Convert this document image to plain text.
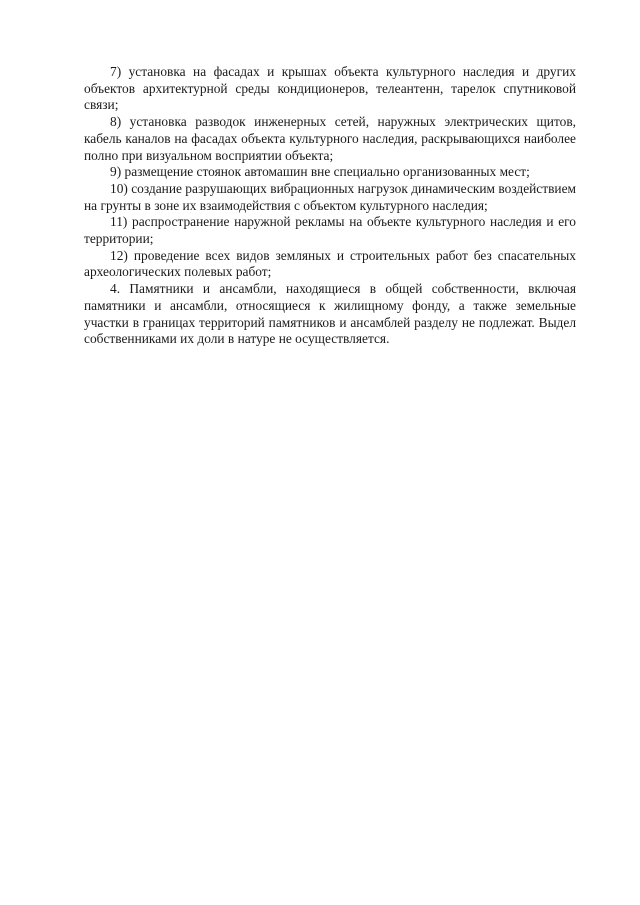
7) установка на фасадах и крышах объекта культурного наследия и других объектов архитектурной среды кондиционеров, телеантенн, тарелок спутниковой связи;

8) установка разводок инженерных сетей, наружных электрических щитов, кабель каналов на фасадах объекта культурного наследия, раскрывающихся наиболее полно при визуальном восприятии объекта;

9) размещение стоянок автомашин вне специально организованных мест;

10) создание разрушающих вибрационных нагрузок динамическим воздействием на грунты в зоне их взаимодействия с объектом культурного наследия;

11) распространение наружной рекламы на объекте культурного наследия и его территории;

12) проведение всех видов земляных и строительных работ без спасательных археологических полевых работ;

4. Памятники и ансамбли, находящиеся в общей собственности, включая памятники и ансамбли, относящиеся к жилищному фонду, а также земельные участки в границах территорий памятников и ансамблей разделу не подлежат. Выдел собственниками их доли в натуре не осуществляется.
